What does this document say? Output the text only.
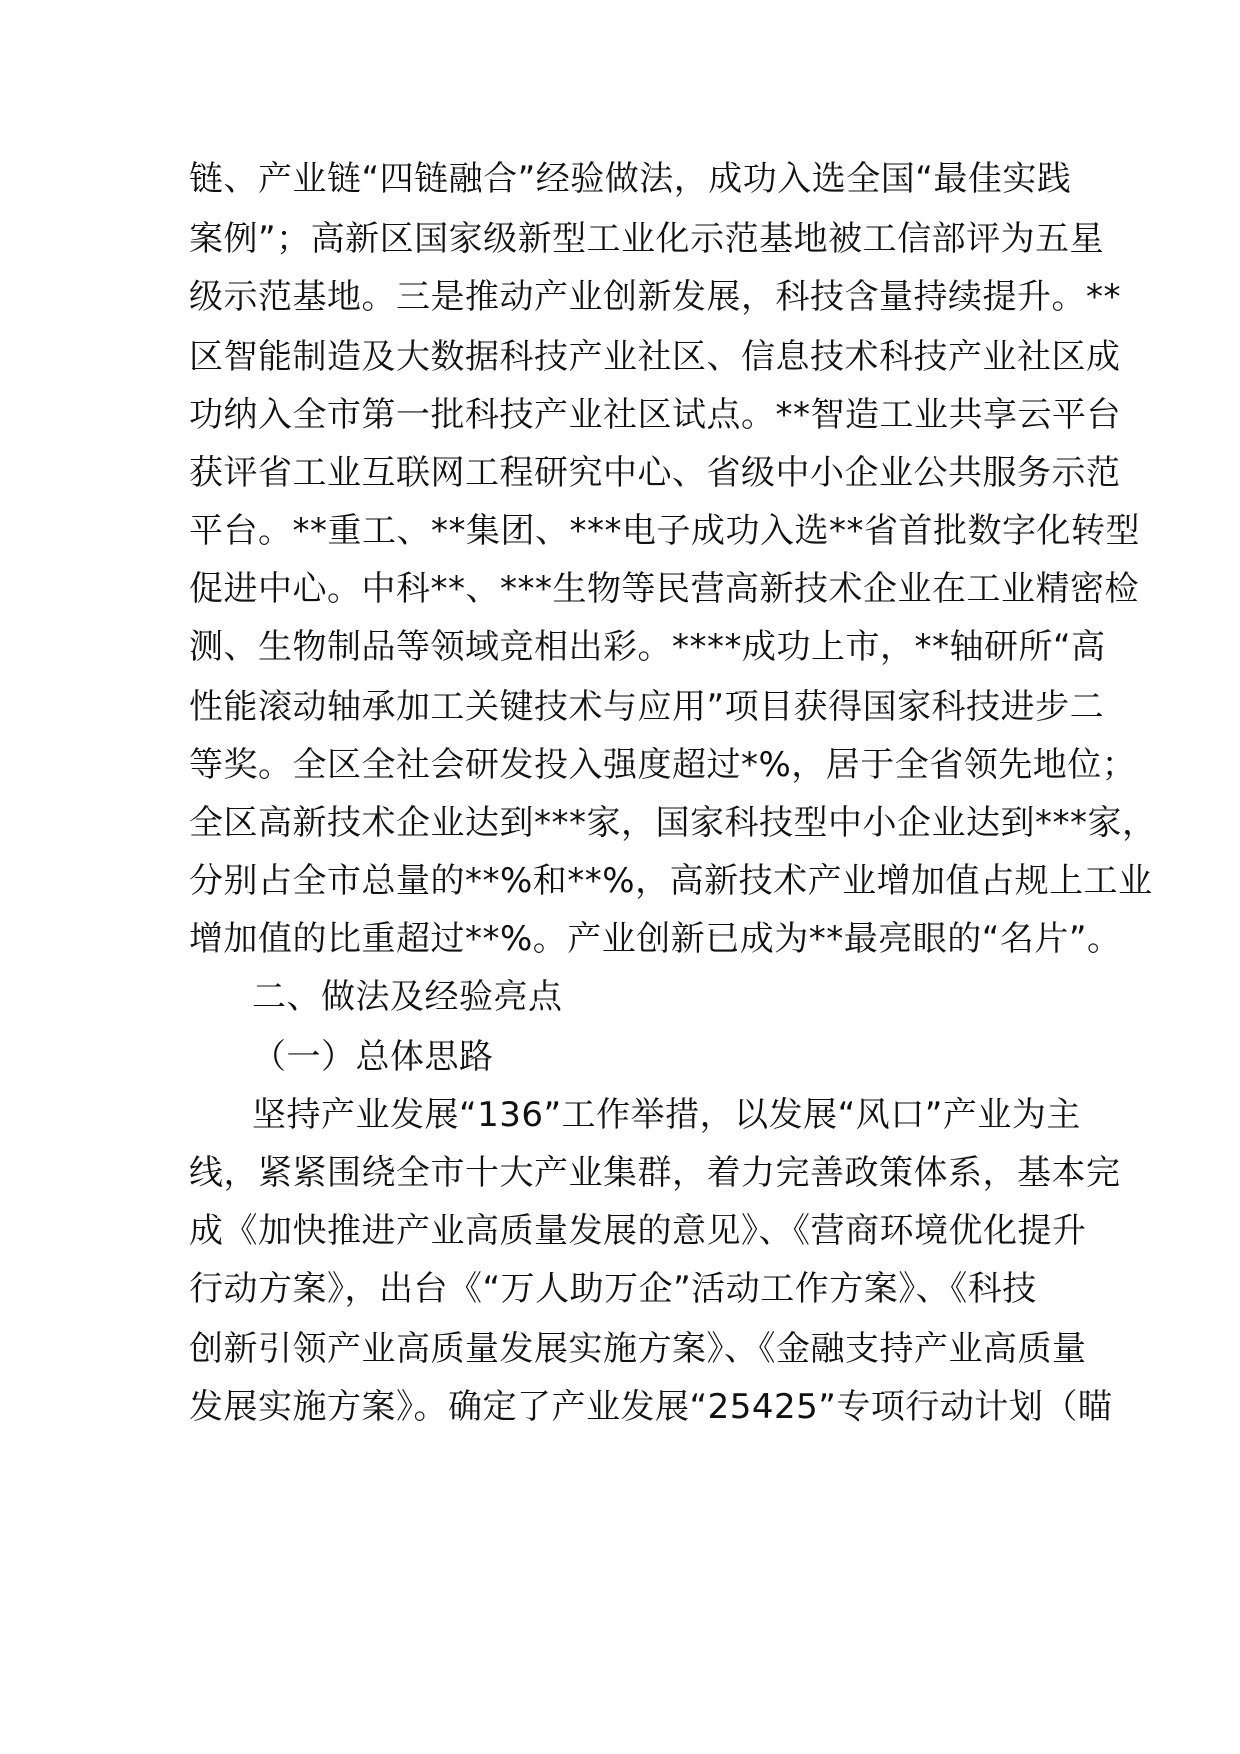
链、产业链“四链融合”经验做法，成功入选全国“最佳实践
案例”；高新区国家级新型工业化示范基地被工信部评为五星
级示范基地。三是推动产业创新发展，科技含量持续提升。**
区智能制造及大数据科技产业社区、信息技术科技产业社区成
功纳入全市第一批科技产业社区试点。**智造工业共享云平台
获评省工业互联网工程研究中心、省级中小企业公共服务示范
平台。**重工、**集团、***电子成功入选**省首批数字化转型
促进中心。中科**、***生物等民营高新技术企业在工业精密检
测、生物制品等领域竞相出彩。****成功上市，**轴研所“高
性能滚动轴承加工关键技术与应用”项目获得国家科技进步二
等奖。全区全社会研发投入强度超过*%，居于全省领先地位；
全区高新技术企业达到***家，国家科技型中小企业达到***家，
分别占全市总量的**%和**%，高新技术产业增加值占规上工业
增加值的比重超过**%。产业创新已成为**最亮眼的“名片”。
二、做法及经验亮点
（一）总体思路
坚持产业发展“136”工作举措，以发展“风口”产业为主
线，紧紧围绕全市十大产业集群，着力完善政策体系，基本完
成《加快推进产业高质量发展的意见》、《营商环境优化提升
行动方案》，出台《“万人助万企”活动工作方案》、《科技
创新引领产业高质量发展实施方案》、《金融支持产业高质量
发展实施方案》。确定了产业发展“25425”专项行动计划（瞄
